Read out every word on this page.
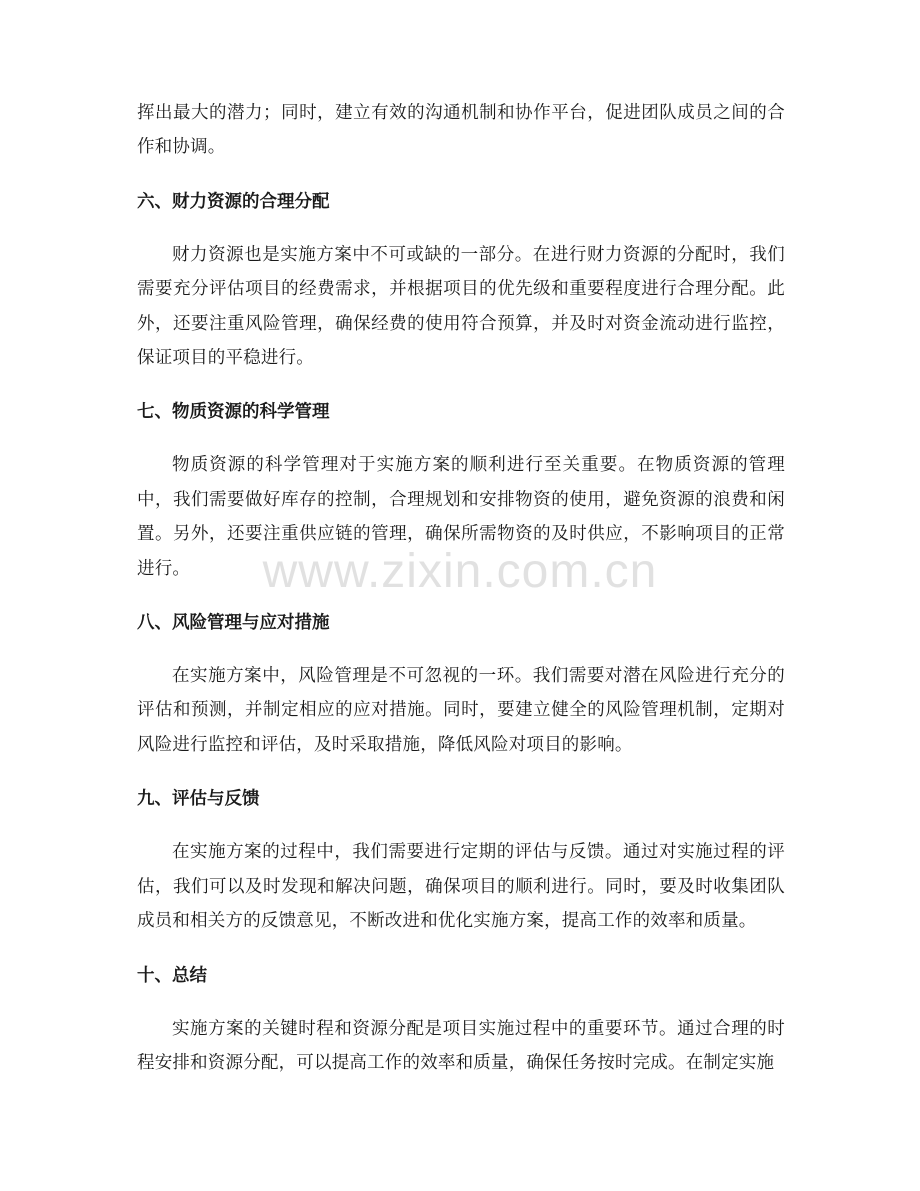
挥出最大的潜力；同时，建立有效的沟通机制和协作平台，促进团队成员之间的合作和协调。

六、财力资源的合理分配

财力资源也是实施方案中不可或缺的一部分。在进行财力资源的分配时，我们需要充分评估项目的经费需求，并根据项目的优先级和重要程度进行合理分配。此外，还要注重风险管理，确保经费的使用符合预算，并及时对资金流动进行监控，保证项目的平稳进行。

七、物质资源的科学管理

物质资源的科学管理对于实施方案的顺利进行至关重要。在物质资源的管理中，我们需要做好库存的控制，合理规划和安排物资的使用，避免资源的浪费和闲置。另外，还要注重供应链的管理，确保所需物资的及时供应，不影响项目的正常进行。

八、风险管理与应对措施

在实施方案中，风险管理是不可忽视的一环。我们需要对潜在风险进行充分的评估和预测，并制定相应的应对措施。同时，要建立健全的风险管理机制，定期对风险进行监控和评估，及时采取措施，降低风险对项目的影响。

九、评估与反馈

在实施方案的过程中，我们需要进行定期的评估与反馈。通过对实施过程的评估，我们可以及时发现和解决问题，确保项目的顺利进行。同时，要及时收集团队成员和相关方的反馈意见，不断改进和优化实施方案，提高工作的效率和质量。

十、总结

实施方案的关键时程和资源分配是项目实施过程中的重要环节。通过合理的时程安排和资源分配，可以提高工作的效率和质量，确保任务按时完成。在制定实施

www.zixin.com.cn
